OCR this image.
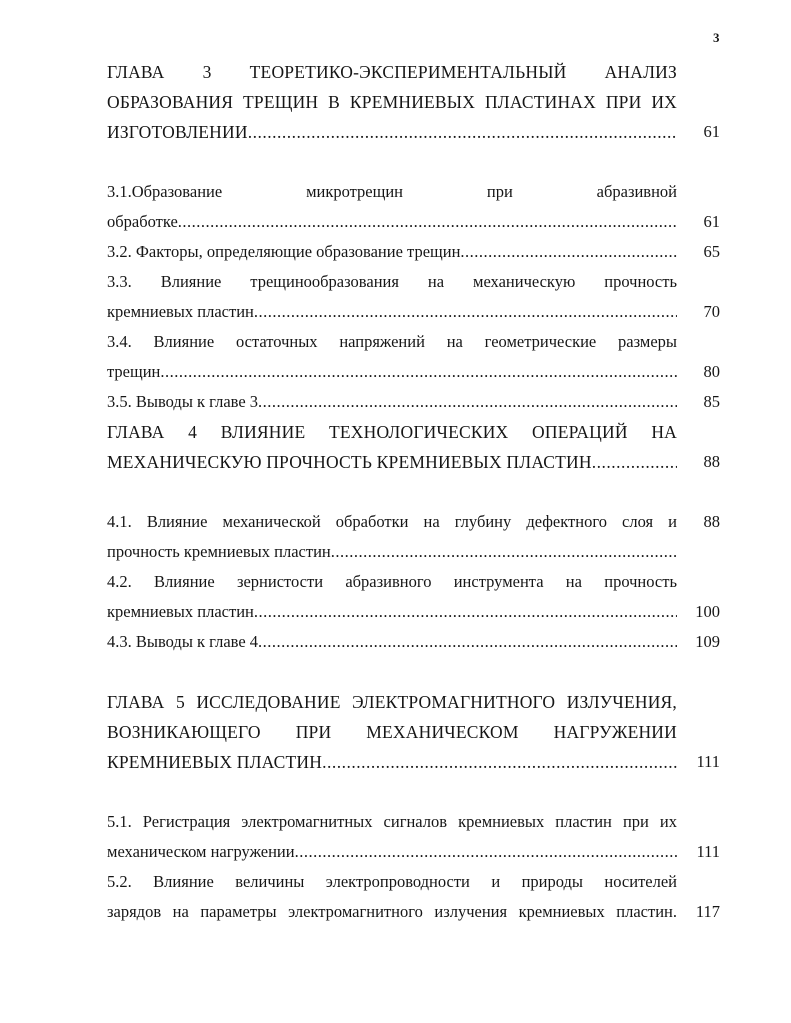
3
ГЛАВА 3 ТЕОРЕТИКО-ЭКСПЕРИМЕНТАЛЬНЫЙ АНАЛИЗ
ОБРАЗОВАНИЯ ТРЕЩИН В КРЕМНИЕВЫХ ПЛАСТИНАХ ПРИ ИХ
ИЗГОТОВЛЕНИИ .....	61
3.1.Образование микротрещин при абразивной
обработке .....	61
3.2. Факторы, определяющие образование трещин .....	65
3.3. Влияние трещинообразования на механическую прочность
кремниевых пластин .....	70
3.4. Влияние остаточных напряжений на геометрические размеры
трещин .....	80
3.5. Выводы к главе 3 .....	85
ГЛАВА 4 ВЛИЯНИЕ ТЕХНОЛОГИЧЕСКИХ ОПЕРАЦИЙ НА
МЕХАНИЧЕСКУЮ ПРОЧНОСТЬ КРЕМНИЕВЫХ ПЛАСТИН .....	88
4.1. Влияние механической обработки на глубину дефектного слоя и	88
прочность кремниевых пластин
.....
4.2. Влияние зернистости абразивного инструмента на прочность
кремниевых пластин .....	100
4.3. Выводы к главе 4 .....	109
ГЛАВА 5 ИССЛЕДОВАНИЕ ЭЛЕКТРОМАГНИТНОГО ИЗЛУЧЕНИЯ,
ВОЗНИКАЮЩЕГО ПРИ МЕХАНИЧЕСКОМ НАГРУЖЕНИИ
КРЕМНИЕВЫХ ПЛАСТИН .....	111
5.1. Регистрация электромагнитных сигналов кремниевых пластин при их
механическом нагружении .....	111
5.2. Влияние величины электропроводности и природы носителей
зарядов на параметры электромагнитного излучения кремниевых пластин.	117
